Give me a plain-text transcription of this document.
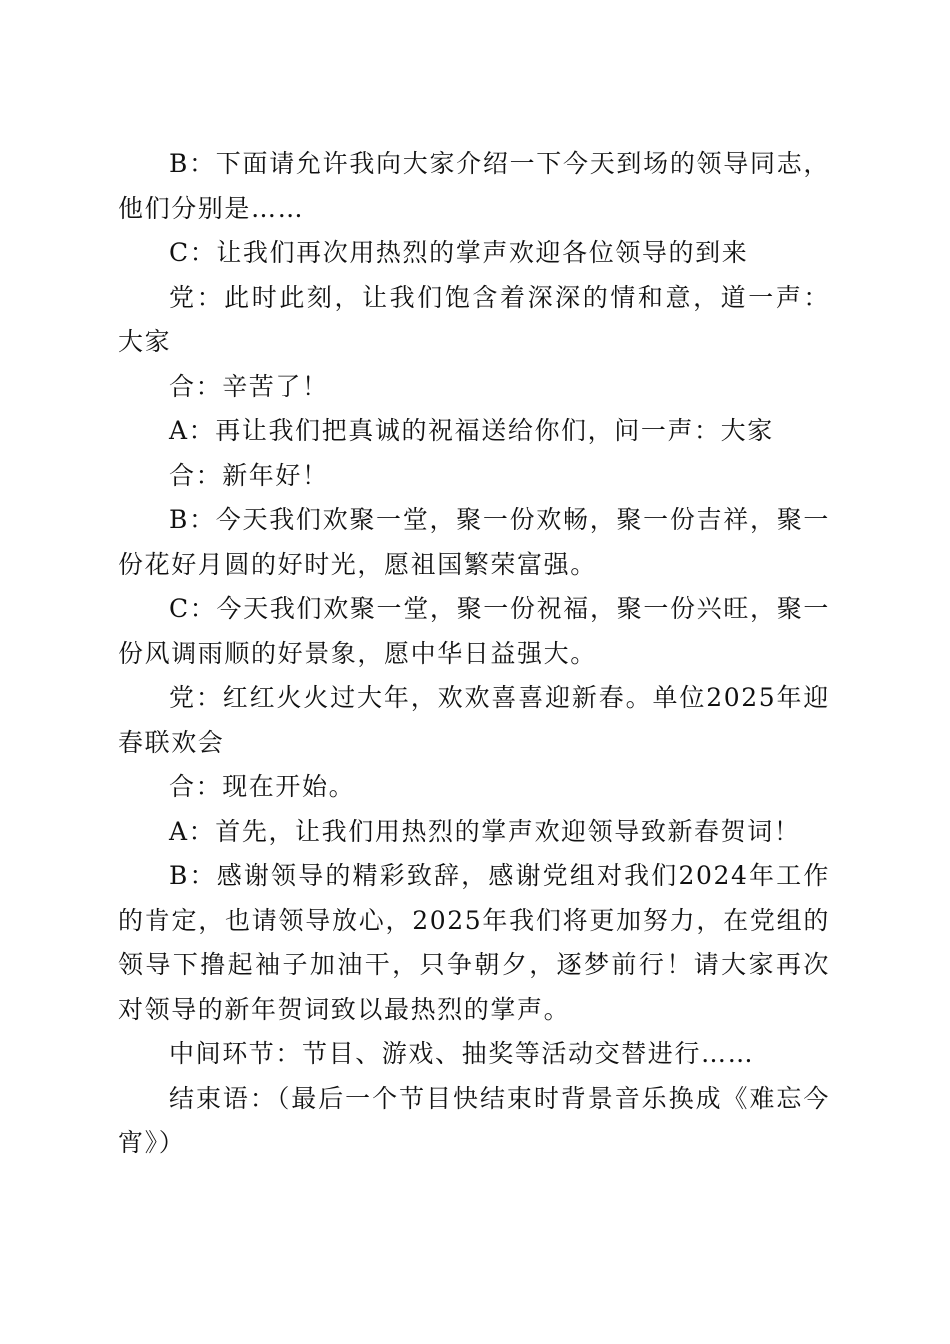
B：下面请允许我向大家介绍一下今天到场的领导同志，他们分别是……

C：让我们再次用热烈的掌声欢迎各位领导的到来

党：此时此刻，让我们饱含着深深的情和意，道一声：大家

合：辛苦了！

A：再让我们把真诚的祝福送给你们，问一声：大家

合：新年好！

B：今天我们欢聚一堂，聚一份欢畅，聚一份吉祥，聚一份花好月圆的好时光，愿祖国繁荣富强。

C：今天我们欢聚一堂，聚一份祝福，聚一份兴旺，聚一份风调雨顺的好景象，愿中华日益强大。

党：红红火火过大年，欢欢喜喜迎新春。单位2025年迎春联欢会

合：现在开始。

A：首先，让我们用热烈的掌声欢迎领导致新春贺词！

B：感谢领导的精彩致辞，感谢党组对我们2024年工作的肯定，也请领导放心，2025年我们将更加努力，在党组的领导下撸起袖子加油干，只争朝夕，逐梦前行！请大家再次对领导的新年贺词致以最热烈的掌声。

中间环节：节目、游戏、抽奖等活动交替进行……

结束语：（最后一个节目快结束时背景音乐换成《难忘今宵》）
